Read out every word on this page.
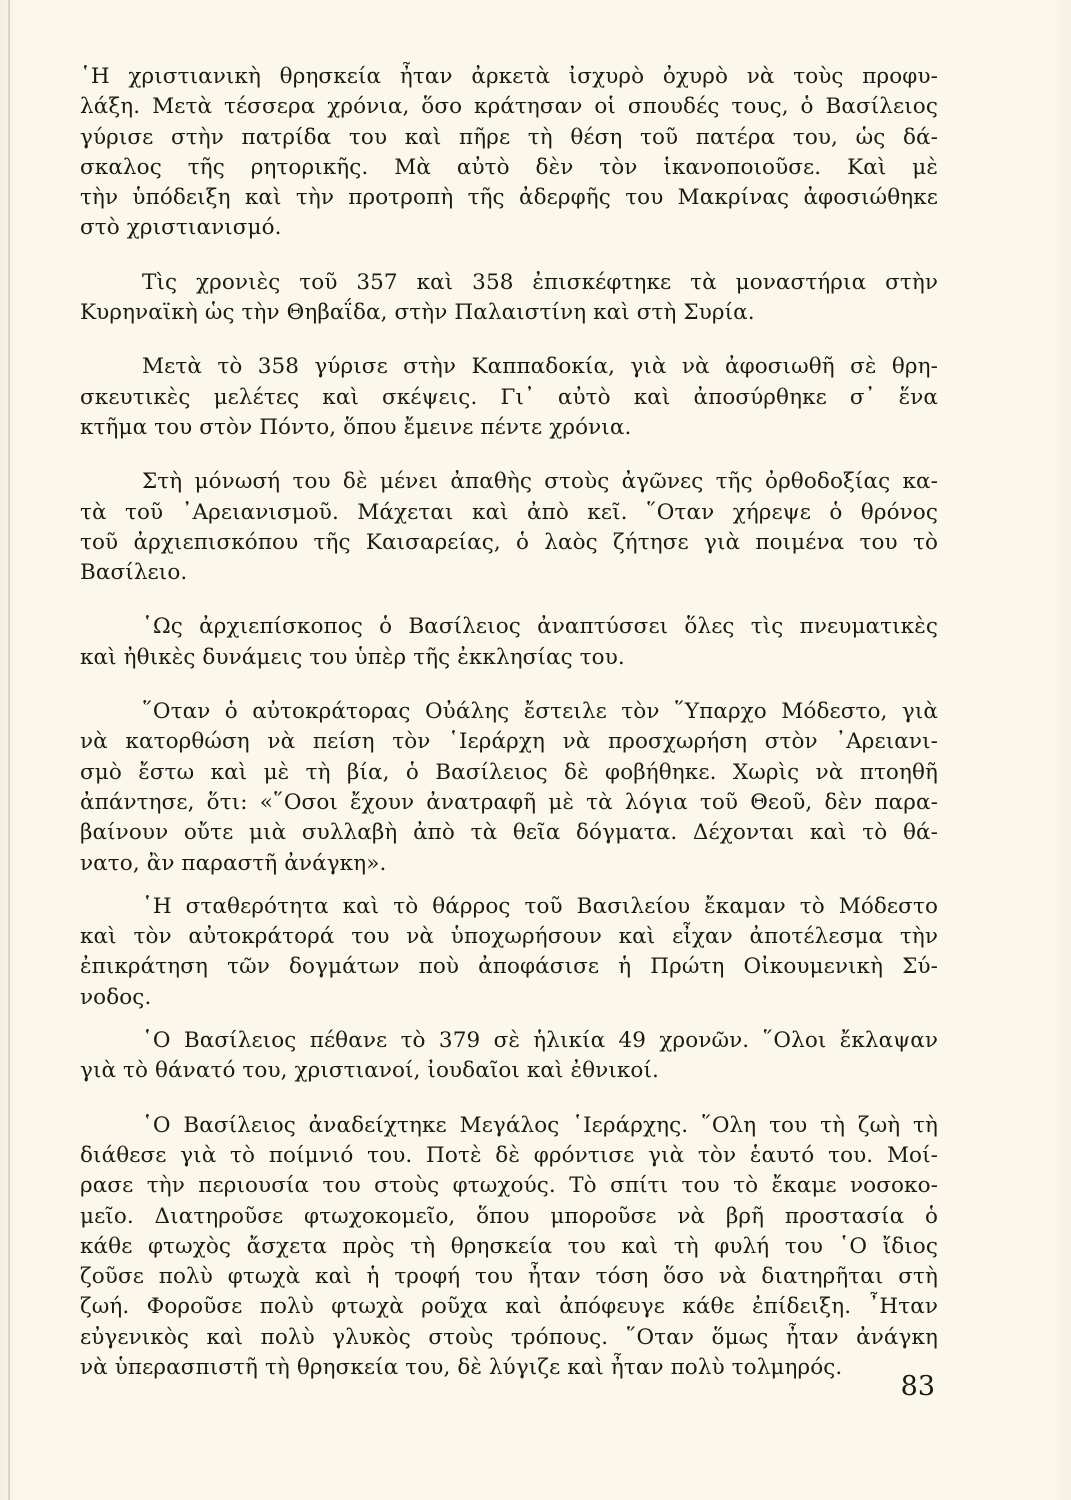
῾Η χριστιανικὴ θρησκεία ἦταν ἀρκετὰ ἰσχυρὸ ὀχυρὸ νὰ τοὺς προφυ-
λάξη. Μετὰ τέσσερα χρόνια, ὅσο κράτησαν οἱ σπουδές τους, ὁ Βασίλειος
γύρισε στὴν πατρίδα του καὶ πῆρε τὴ θέση τοῦ πατέρα του, ὡς δά-
σκαλος τῆς ρητορικῆς. Μὰ αὐτὸ δὲν τὸν ἱκανοποιοῦσε. Καὶ μὲ
τὴν ὑπόδειξη καὶ τὴν προτροπὴ τῆς ἀδερφῆς του Μακρίνας ἀφοσιώθηκε
στὸ χριστιανισμό.
Τὶς χρονιὲς τοῦ 357 καὶ 358 ἐπισκέφτηκε τὰ μοναστήρια στὴν
Κυρηναϊκὴ ὡς τὴν Θηβαΐδα, στὴν Παλαιστίνη καὶ στὴ Συρία.
Μετὰ τὸ 358 γύρισε στὴν Καππαδοκία, γιὰ νὰ ἀφοσιωθῆ σὲ θρη-
σκευτικὲς μελέτες καὶ σκέψεις. Γι᾿ αὐτὸ καὶ ἀποσύρθηκε σ᾿ ἕνα
κτῆμα του στὸν Πόντο, ὅπου ἔμεινε πέντε χρόνια.
Στὴ μόνωσή του δὲ μένει ἀπαθὴς στοὺς ἀγῶνες τῆς ὀρθοδοξίας κα-
τὰ τοῦ ᾿Αρειανισμοῦ. Μάχεται καὶ ἀπὸ κεῖ. ῞Οταν χήρεψε ὁ θρόνος
τοῦ ἀρχιεπισκόπου τῆς Καισαρείας, ὁ λαὸς ζήτησε γιὰ ποιμένα του τὸ
Βασίλειο.
῾Ως ἀρχιεπίσκοπος ὁ Βασίλειος ἀναπτύσσει ὅλες τὶς πνευματικὲς
καὶ ἠθικὲς δυνάμεις του ὑπὲρ τῆς ἐκκλησίας του.
῞Οταν ὁ αὐτοκράτορας Οὐάλης ἔστειλε τὸν ῞Υπαρχο Μόδεστο, γιὰ
νὰ κατορθώση νὰ πείση τὸν ῾Ιεράρχη νὰ προσχωρήση στὸν ᾿Αρειανι-
σμὸ ἔστω καὶ μὲ τὴ βία, ὁ Βασίλειος δὲ φοβήθηκε. Χωρὶς νὰ πτοηθῆ
ἀπάντησε, ὅτι: «῞Οσοι ἔχουν ἀνατραφῆ μὲ τὰ λόγια τοῦ Θεοῦ, δὲν παρα-
βαίνουν οὔτε μιὰ συλλαβὴ ἀπὸ τὰ θεῖα δόγματα. Δέχονται καὶ τὸ θά-
νατο, ἂν παραστῆ ἀνάγκη».
῾Η σταθερότητα καὶ τὸ θάρρος τοῦ Βασιλείου ἔκαμαν τὸ Μόδεστο
καὶ τὸν αὐτοκράτορά του νὰ ὑποχωρήσουν καὶ εἶχαν ἀποτέλεσμα τὴν
ἐπικράτηση τῶν δογμάτων ποὺ ἀποφάσισε ἡ Πρώτη Οἰκουμενικὴ Σύ-
νοδος.
῾Ο Βασίλειος πέθανε τὸ 379 σὲ ἡλικία 49 χρονῶν. ῞Ολοι ἔκλαψαν
γιὰ τὸ θάνατό του, χριστιανοί, ἰουδαῖοι καὶ ἐθνικοί.
῾Ο Βασίλειος ἀναδείχτηκε Μεγάλος ῾Ιεράρχης. ῞Ολη του τὴ ζωὴ τὴ
διάθεσε γιὰ τὸ ποίμνιό του. Ποτὲ δὲ φρόντισε γιὰ τὸν ἑαυτό του. Μοί-
ρασε τὴν περιουσία του στοὺς φτωχούς. Τὸ σπίτι του τὸ ἔκαμε νοσοκο-
μεῖο. Διατηροῦσε φτωχοκομεῖο, ὅπου μποροῦσε νὰ βρῆ προστασία ὁ
κάθε φτωχὸς ἄσχετα πρὸς τὴ θρησκεία του καὶ τὴ φυλή του ῾Ο ἴδιος
ζοῦσε πολὺ φτωχὰ καὶ ἡ τροφή του ἦταν τόση ὅσο νὰ διατηρῆται στὴ
ζωή. Φοροῦσε πολὺ φτωχὰ ροῦχα καὶ ἀπόφευγε κάθε ἐπίδειξη. ῏Ηταν
εὐγενικὸς καὶ πολὺ γλυκὸς στοὺς τρόπους. ῞Οταν ὅμως ἦταν ἀνάγκη
νὰ ὑπερασπιστῆ τὴ θρησκεία του, δὲ λύγιζε καὶ ἦταν πολὺ τολμηρός.
83
